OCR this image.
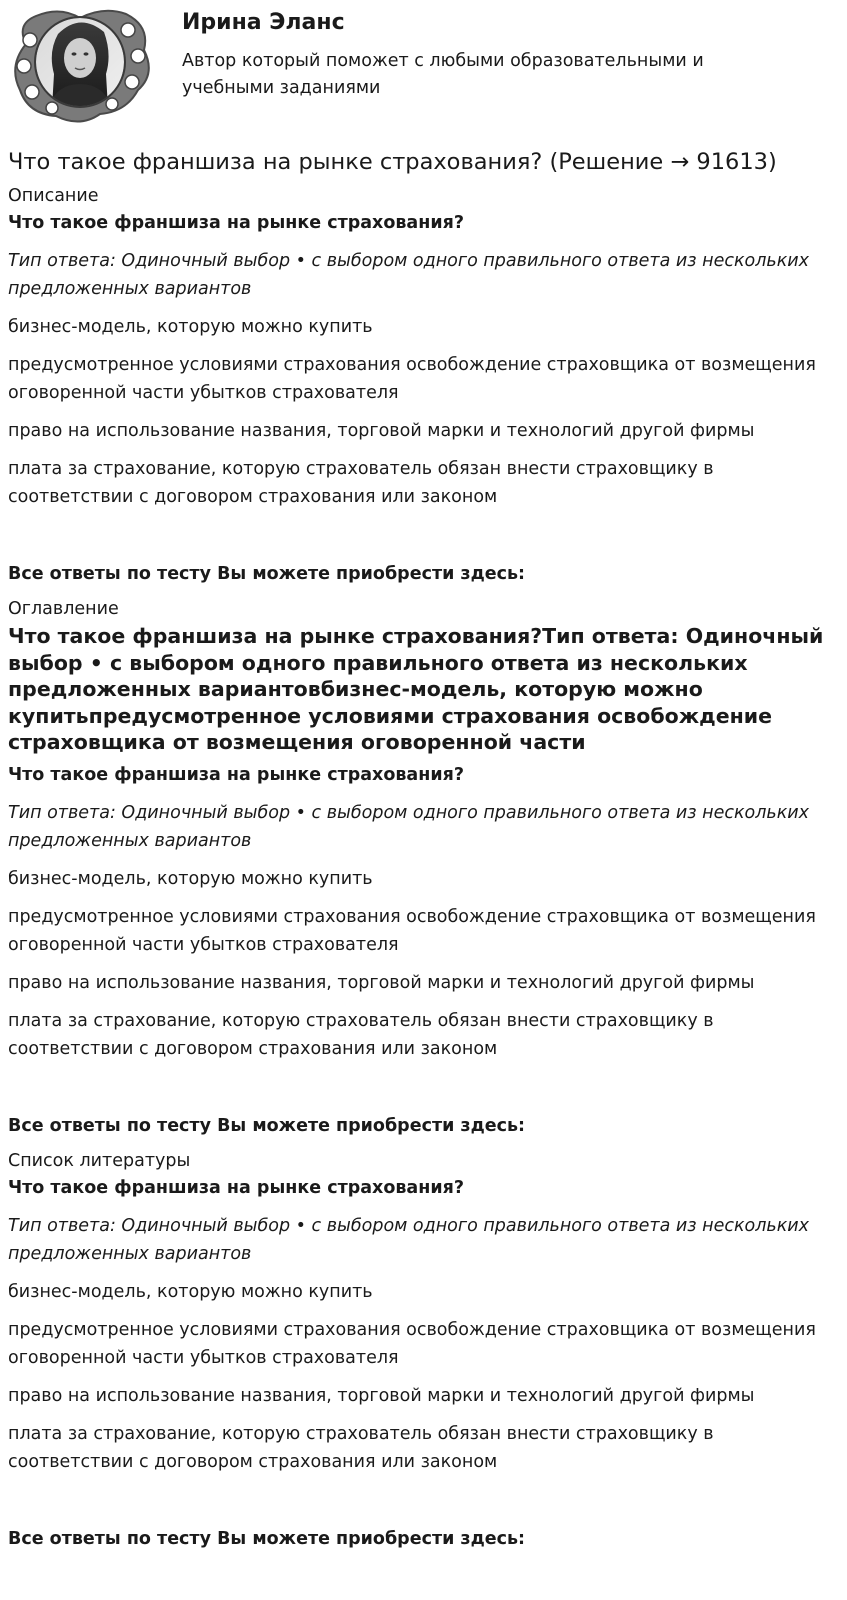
Ирина Эланс

Автор который поможет с любыми образовательными и учебными заданиями

Что такое франшиза на рынке страхования? (Решение → 91613)
Описание
Что такое франшиза на рынке страхования?

Тип ответа: Одиночный выбор • с выбором одного правильного ответа из нескольких предложенных вариантов

бизнес-модель, которую можно купить

предусмотренное условиями страхования освобождение страховщика от возмещения оговоренной части убытков страхователя

право на использование названия, торговой марки и технологий другой фирмы

плата за страхование, которую страхователь обязан внести страховщику в соответствии с договором страхования или законом

Все ответы по тесту Вы можете приобрести здесь:
Оглавление
Что такое франшиза на рынке страхования?Тип ответа: Одиночный выбор • с выбором одного правильного ответа из нескольких предложенных вариантовбизнес-модель, которую можно купитьпредусмотренное условиями страхования освобождение страховщика от возмещения оговоренной части
Что такое франшиза на рынке страхования?

Тип ответа: Одиночный выбор • с выбором одного правильного ответа из нескольких предложенных вариантов

бизнес-модель, которую можно купить

предусмотренное условиями страхования освобождение страховщика от возмещения оговоренной части убытков страхователя

право на использование названия, торговой марки и технологий другой фирмы

плата за страхование, которую страхователь обязан внести страховщику в соответствии с договором страхования или законом

Все ответы по тесту Вы можете приобрести здесь:
Список литературы
Что такое франшиза на рынке страхования?

Тип ответа: Одиночный выбор • с выбором одного правильного ответа из нескольких предложенных вариантов

бизнес-модель, которую можно купить

предусмотренное условиями страхования освобождение страховщика от возмещения оговоренной части убытков страхователя

право на использование названия, торговой марки и технологий другой фирмы

плата за страхование, которую страхователь обязан внести страховщику в соответствии с договором страхования или законом

Все ответы по тесту Вы можете приобрести здесь:
